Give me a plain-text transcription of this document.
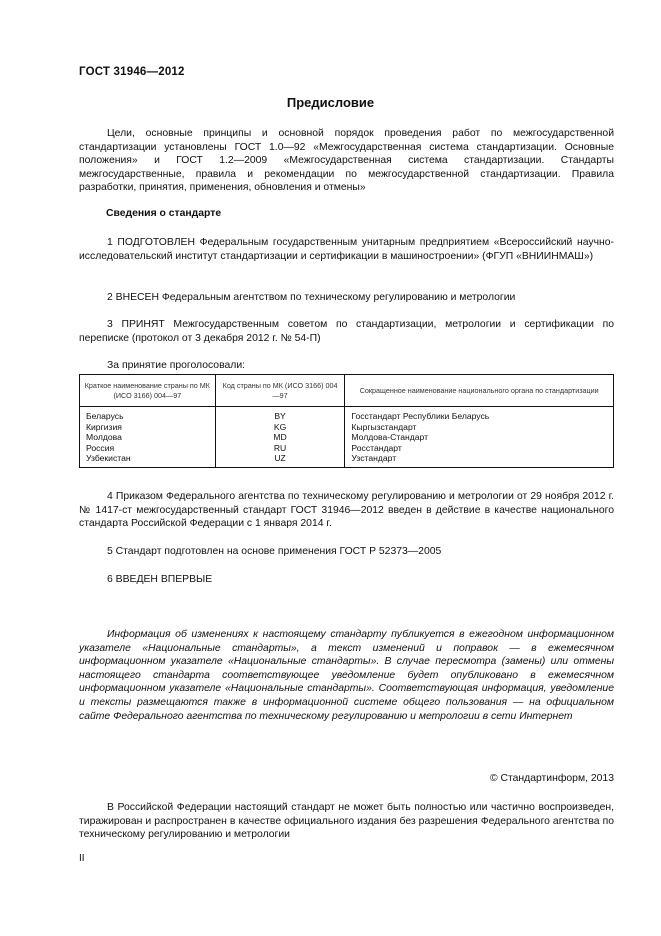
ГОСТ 31946—2012
Предисловие

Цели, основные принципы и основной порядок проведения работ по межгосударственной стандартизации установлены ГОСТ 1.0—92 «Межгосударственная система стандартизации. Основные положения» и ГОСТ 1.2—2009 «Межгосударственная система стандартизации. Стандарты межгосударственные, правила и рекомендации по межгосударственной стандартизации. Правила разработки, принятия, применения, обновления и отмены»

Сведения о стандарте

1 ПОДГОТОВЛЕН Федеральным государственным унитарным предприятием «Всероссийский научно-исследовательский институт стандартизации и сертификации в машиностроении» (ФГУП «ВНИИНМАШ»)

2 ВНЕСЕН Федеральным агентством по техническому регулированию и метрологии

3 ПРИНЯТ Межгосударственным советом по стандартизации, метрологии и сертификации по переписке (протокол от 3 декабря 2012 г. № 54-П)

За принятие проголосовали:

Краткое наименование страны по МК (ИСО 3166) 004—97	Код страны по МК (ИСО 3166) 004—97	Сокращенное наименование национального органа по стандартизации

Беларусь
Киргизия
Молдова
Россия
Узбекистан	BY
KG
MD
RU
UZ	Госстандарт Республики Беларусь
Кыргызстандарт
Молдова-Стандарт
Росстандарт
Узстандарт

4 Приказом Федерального агентства по техническому регулированию и метрологии от 29 ноября 2012 г. № 1417-ст межгосударственный стандарт ГОСТ 31946—2012 введен в действие в качестве национального стандарта Российской Федерации с 1 января 2014 г.

5 Стандарт подготовлен на основе применения ГОСТ Р 52373—2005

6 ВВЕДЕН ВПЕРВЫЕ

Информация об изменениях к настоящему стандарту публикуется в ежегодном информационном указателе «Национальные стандарты», а текст изменений и поправок — в ежемесячном информационном указателе «Национальные стандарты». В случае пересмотра (замены) или отмены настоящего стандарта соответствующее уведомление будет опубликовано в ежемесячном информационном указателе «Национальные стандарты». Соответствующая информация, уведомление и тексты размещаются также в информационной системе общего пользования — на официальном сайте Федерального агентства по техническому регулированию и метрологии в сети Интернет

© Стандартинформ, 2013

В Российской Федерации настоящий стандарт не может быть полностью или частично воспроизведен, тиражирован и распространен в качестве официального издания без разрешения Федерального агентства по техническому регулированию и метрологии

II
